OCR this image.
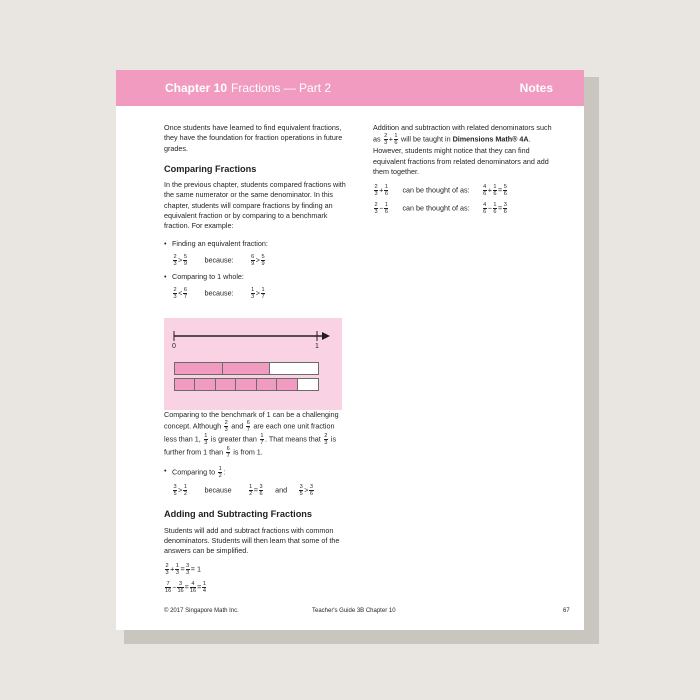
Chapter 10 Fractions — Part 2	Notes

Once students have learned to find equivalent fractions, they have the foundation for fraction operations in future grades.

Comparing Fractions

In the previous chapter, students compared fractions with the same numerator or the same denominator. In this chapter, students will compare fractions by finding an equivalent fraction or by comparing to a benchmark fraction. For example:

• Finding an equivalent fraction:
$\frac{2}{3} > \frac{5}{9}$ because:	$\frac{6}{9} > \frac{5}{9}$
• Comparing to 1 whole:
$\frac{2}{3} < \frac{6}{7}$ because:	$\frac{1}{3} > \frac{1}{7}$
0	1

Comparing to the benchmark of 1 can be a challenging concept. Although $\frac{2}{3}$ and $\frac{6}{7}$ are each one unit fraction less than 1, $\frac{1}{3}$ is greater than $\frac{1}{7}$ . That means that $\frac{2}{3}$ is further from 1 than $\frac{6}{7}$ is from 1.

• Comparing to $\frac{1}{2}$ :
$\frac{3}{5} > \frac{1}{2}$ because	$\frac{1}{2} = \frac{3}{6}$ and $\frac{3}{5} > \frac{3}{6}$
Adding and Subtracting Fractions

Students will add and subtract fractions with common denominators. Students will then learn that some of the answers can be simplified.

$\frac{2}{3} + \frac{1}{3} = \frac{3}{3} = 1$
$\frac{7}{16} - \frac{3}{16} = \frac{4}{16} = \frac{1}{4}$

Addition and subtraction with related denominators such as $\frac{2}{3} + \frac{1}{6}$ will be taught in Dimensions Math® 4A. However, students might notice that they can find equivalent fractions from related denominators and add them together.

$\frac{2}{3} + \frac{1}{6}$ can be thought of as: $\frac{4}{6} + \frac{1}{6} = \frac{5}{6}$
$\frac{2}{3} - \frac{1}{6}$ can be thought of as: $\frac{4}{6} - \frac{1}{6} = \frac{3}{6}$
© 2017 Singapore Math Inc.	Teacher's Guide 3B Chapter 10	67
